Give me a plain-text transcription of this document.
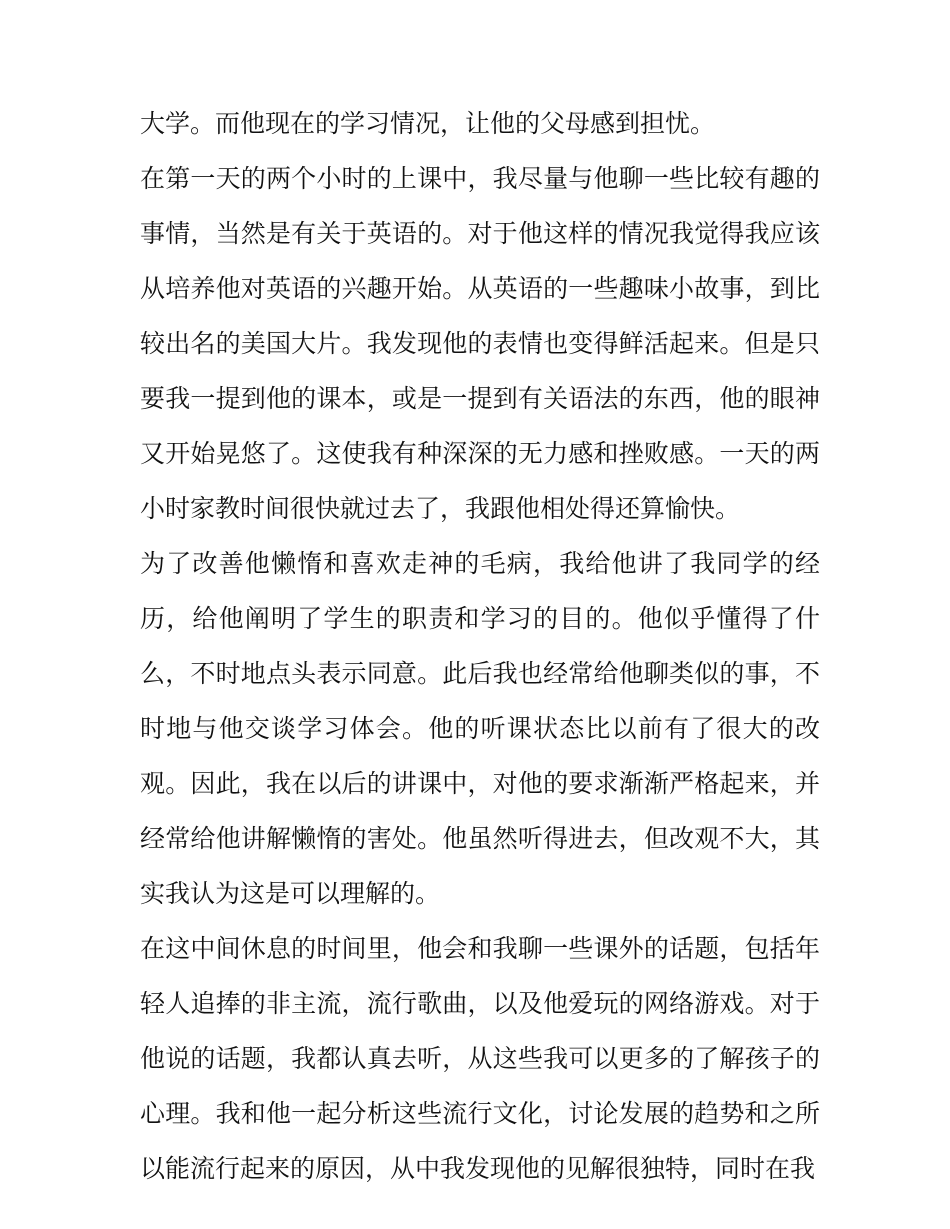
大学。而他现在的学习情况，让他的父母感到担忧。

在第一天的两个小时的上课中，我尽量与他聊一些比较有趣的事情，当然是有关于英语的。对于他这样的情况我觉得我应该从培养他对英语的兴趣开始。从英语的一些趣味小故事，到比较出名的美国大片。我发现他的表情也变得鲜活起来。但是只要我一提到他的课本，或是一提到有关语法的东西，他的眼神又开始晃悠了。这使我有种深深的无力感和挫败感。一天的两小时家教时间很快就过去了，我跟他相处得还算愉快。

为了改善他懒惰和喜欢走神的毛病，我给他讲了我同学的经历，给他阐明了学生的职责和学习的目的。他似乎懂得了什么，不时地点头表示同意。此后我也经常给他聊类似的事，不时地与他交谈学习体会。他的听课状态比以前有了很大的改观。因此，我在以后的讲课中，对他的要求渐渐严格起来，并经常给他讲解懒惰的害处。他虽然听得进去，但改观不大，其实我认为这是可以理解的。

在这中间休息的时间里，他会和我聊一些课外的话题，包括年轻人追捧的非主流，流行歌曲，以及他爱玩的网络游戏。对于他说的话题，我都认真去听，从这些我可以更多的了解孩子的心理。我和他一起分析这些流行文化，讨论发展的趋势和之所以能流行起来的原因，从中我发现他的见解很独特，同时在我
